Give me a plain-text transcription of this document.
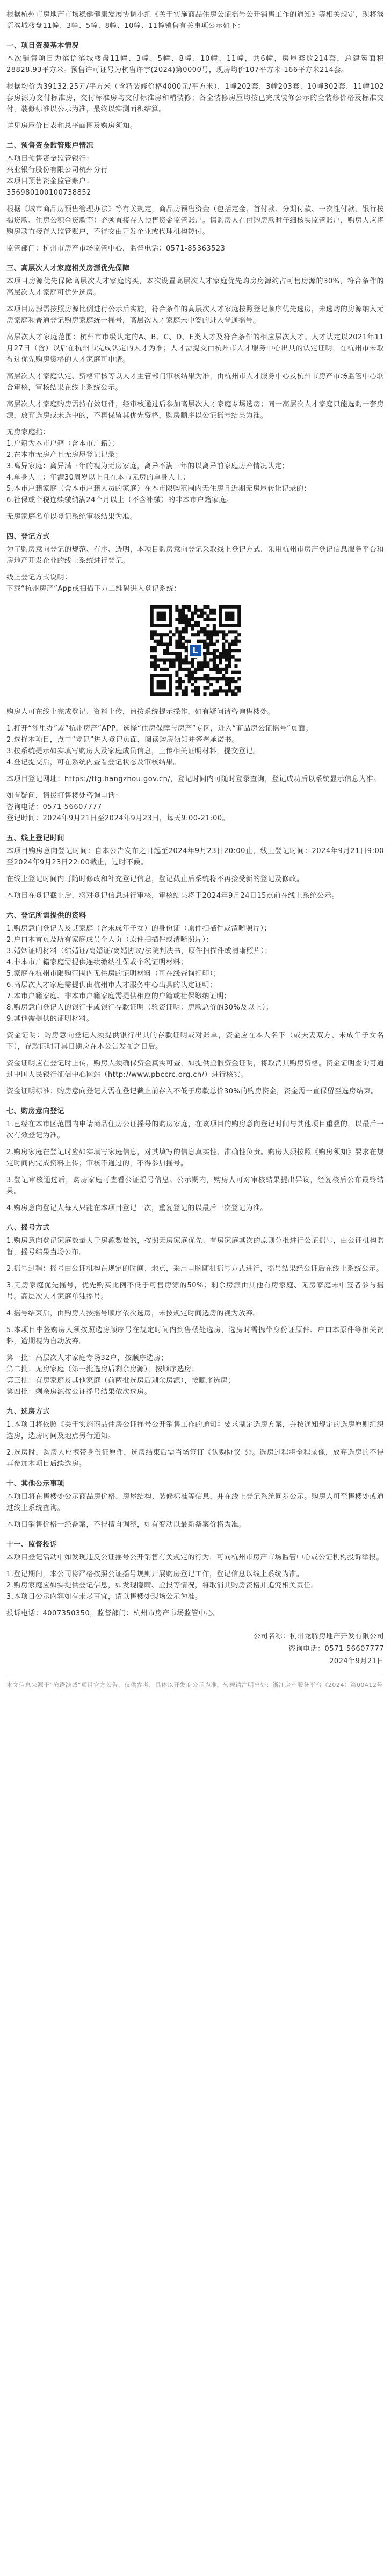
根据杭州市房地产市场稳健健康发展协调小组《关于实施商品住房公证摇号公开销售工作的通知》等相关规定，现将滨语滨城楼盘11幢、3幢、5幢、8幢、10幢、11幢销售有关事项公示如下：

一、项目资源基本情况

本次销售项目为滨语滨城楼盘11幢、3幢、5幢、8幢、10幢、11幢，共6幢，房屋套数214套，总建筑面积28828.93平方米。预售许可证号为杭售许字(2024)第0000号，现房均价107平方米-166平方米214套。

根据均价为39132.25元/平方米（含精装修价格4000元/平方米），1幢202套、3幢203套、10幢302套、11幢102套房源为交付标准房，交付标准房均交付标准房和精装修；各全装修房屋均按已完成装修公示的全装修价格及标准交付，装修标准以公示为准，最终以实测面积结算。

详见房屋价目表和总平面图及购房须知。

二、预售资金监管账户情况
本项目预售资金监管银行：
兴业银行股份有限公司杭州分行
本项目预售资金监管账户：
356980100100738852

根据《城市商品房预售管理办法》等有关规定，商品房预售资金（包括定金、首付款、分期付款、一次性付款、银行按揭贷款、住房公积金贷款等）必须直接存入预售资金监管账户。请购房人在付购房款时仔细核实监管账户，购房人应将购房款直接存入监管账户，不得交由开发企业或代理机构转付。

监管部门：杭州市房产市场监管中心，监督电话：0571-85363523

三、高层次人才家庭相关房源优先保障

本项目房源优先保障高层次人才家庭购买，本次设置高层次人才家庭优先购房房源约占可售房源的30%，符合条件的高层次人才家庭可优先选房。

本项目房源需按照房源比例进行公示后实施，符合条件的高层次人才家庭按照登记顺序优先选房，未选购的房源纳入无房家庭和普通登记购房家庭统一摇号，高层次人才家庭未中签的进入普通摇号。

高层次人才家庭范围：杭州市市级认定的A、B、C、D、E类人才及符合条件的相应层次人才。人才认定以2021年11月27日（含）以后在杭州市完成认定的人才为准；人才需提交由杭州市人才服务中心出具的认定证明，在杭州市未取得过优先购房资格的人才家庭可申请。

高层次人才家庭认定、资格审核等以人才主管部门审核结果为准，由杭州市人才服务中心及杭州市房产市场监管中心联合审核，审核结果在线上系统公示。

高层次人才家庭购房需持有效证件，经审核通过后参加高层次人才家庭专场选房；同一高层次人才家庭只能选购一套房源，放弃选房或未选中的，不再保留其优先资格，购房顺序以公证摇号结果为准。

无房家庭指：
1.户籍为本市户籍（含本市户籍）；
2.在本市无房产且无房屋登记记录；
3.离异家庭：离异满三年的视为无房家庭，离异不满三年的以离异前家庭房产情况认定；
4.单身人士：年满30周岁以上且在本市无房的单身人士；
5.本市户籍家庭（含本市户籍人员的家庭）在本市限购范围内无住房且近期无房屋转让记录的；
6.社保或个税连续缴纳满24个月以上（不含补缴）的非本市户籍家庭。

无房家庭名单以登记系统审核结果为准。

四、登记方式

为了购房意向登记的规范、有序、透明，本项目购房意向登记采取线上登记方式，采用杭州市房产登记信息服务平台和房地产开发企业的线上系统进行登记。

线上登记方式说明：
下载“杭州房产”App或扫描下方二维码进入登记系统：
L

购房人可在线上完成登记、资料上传，请按系统提示操作，如有疑问请咨询售楼处。

1.打开“浙里办”或“杭州房产”APP，选择“住房保障与房产”专区，进入“商品房公证摇号”页面。
2.选择本项目，点击“登记”进入登记页面，阅读购房须知并签署承诺书。
3.按系统提示如实填写购房人及家庭成员信息，上传相关证明材料，提交登记。
4.登记提交后，可在系统内查看登记状态及审核结果。

本项目登记网址：https://ftg.hangzhou.gov.cn/，登记时间内可随时登录查询，登记成功后以系统显示信息为准。

如有疑问，请拨打售楼处咨询电话：
咨询电话：0571-56607777
登记时间：2024年9月21日至2024年9月23日，每天9:00-21:00。
五、线上登记时间

本项目购房意向登记时间：自本公告发布之日起至2024年9月23日20:00止，线上登记时间：2024年9月21日9:00至2024年9月23日22:00截止，过时不候。

在线上登记时间内可随时修改和补充登记信息，登记截止后系统将不再接受新的登记及修改。

本项目在登记截止后，将对登记信息进行审核，审核结果将于2024年9月24日15点前在线上系统公示。

六、登记所需提供的资料
1.购房意向登记人及其家庭（含未成年子女）的身份证（原件扫描件或清晰照片）；
2.户口本首页及所有家庭成员个人页（原件扫描件或清晰照片）；
3.婚姻证明材料（结婚证/离婚证/离婚协议/法院判决书，原件扫描件或清晰照片）；
4.非本市户籍家庭需提供连续缴纳社保或个税证明材料；
5.家庭在杭州市限购范围内无住房的证明材料（可在线查询打印）；
6.高层次人才家庭需提供由杭州市人才服务中心出具的认定证明；
7.本市户籍家庭、非本市户籍家庭需提供相应的户籍或社保缴纳证明；
8.购房意向登记人的银行卡或银行存款证明（验资证明：房款总价的30%及以上）；
9.其他需提供的证明材料。

资金证明：购房意向登记人须提供银行出具的存款证明或对账单，资金应在本人名下（或夫妻双方、未成年子女名下），存款证明开具日期应在本公告发布之日后。

资金证明应在登记时上传，购房人须确保资金真实可查，如提供虚假资金证明，将取消其购房资格。资金证明查询可通过中国人民银行征信中心网站（http://www.pbccrc.org.cn/）进行核实。

资金证明标准：购房意向登记人需在登记截止前存入不低于房款总价30%的购房资金，资金需一直保留至选房结束。

七、购房意向登记

1.已经在本市区范围内申请商品住房公证摇号的购房家庭，在该项目的购房意向登记时间与其他项目重叠的，以最后一次有效登记为准。

2.购房家庭在登记时应如实填写家庭信息，对其填写的信息真实性、准确性负责。购房人须按照《购房须知》要求在规定时间内完成资料上传；审核不通过的，不得参加摇号。

3.登记审核通过后，购房家庭可查看公证摇号信息。公示期内，购房人可对审核结果提出异议，经复核后公布最终结果。

4.购房意向登记人每人只能在本项目登记一次，重复登记的以最后一次登记为准。

八、摇号方式

1.购房意向登记家庭数量大于房源数量的，按照无房家庭优先、有房家庭其次的原则分批进行公证摇号，由公证机构监督，摇号结果当场公布。

2.摇号过程：摇号由公证机构在规定的时间、地点，采用电脑随机摇号方式进行，摇号结果经公证后在线上系统公示。

3.无房家庭优先摇号，优先购买比例不低于可售房源的50%；剩余房源由其他有房家庭、无房家庭未中签者参与摇号。高层次人才家庭单独摇号。

4.摇号结束后，由购房人按摇号顺序依次选房，未按规定时间选房的视为放弃。

5.本项目中签购房人须按照选房顺序号在规定时间内到售楼处选房，选房时需携带身份证原件、户口本原件等相关资料，逾期视为自动放弃。

第一批：高层次人才家庭专场32户，按顺序选房；
第二批：无房家庭（第一批选房后剩余房源），按顺序选房；
第三批：有房家庭及其他家庭（前两批选房后剩余房源），按顺序选房；
第四批：剩余房源按公证摇号结果依次选房。
九、选房方式

1.本项目将依照《关于实施商品住房公证摇号公开销售工作的通知》要求制定选房方案，并按通知规定的选房原则组织选房，选房时间及地点另行通知。

2.选房时，购房人应携带身份证原件，选房结束后需当场签订《认购协议书》。选房过程将全程录像，放弃选房的不得再参加本项目后续选房。

十、其他公示事项

本项目将在售楼处公示商品房价格、房屋结构、装修标准等信息，并在线上登记系统同步公示。购房人可至售楼处或通过线上系统查询。

本项目销售价格一经备案，不得擅自调整，如有变动以最新备案价格为准。

十一、监督投诉

本项目登记活动中如发现违反公证摇号公开销售有关规定的行为，可向杭州市房产市场监管中心或公证机构投诉举报。

1.登记期间，本公司将严格按照公证摇号规则开展购房登记工作，登记信息以线上系统为准。
2.购房家庭应如实提供登记信息，如发现隐瞒、虚报等情况，将取消其购房资格并追究相关责任。
3.本项目公示内容如有未尽事宜，请以售楼处现场公示为准。

投诉电话：4007350350，监督部门：杭州市房产市场监管中心。

公司名称：杭州龙腾房地产开发有限公司
咨询电话：0571-56607777
2024年9月21日

本文信息来源于“滨语滨城”项目官方公告，仅供参考，具体以开发商公示为准。转载请注明出处：浙江房产服务平台（2024）第00412号
